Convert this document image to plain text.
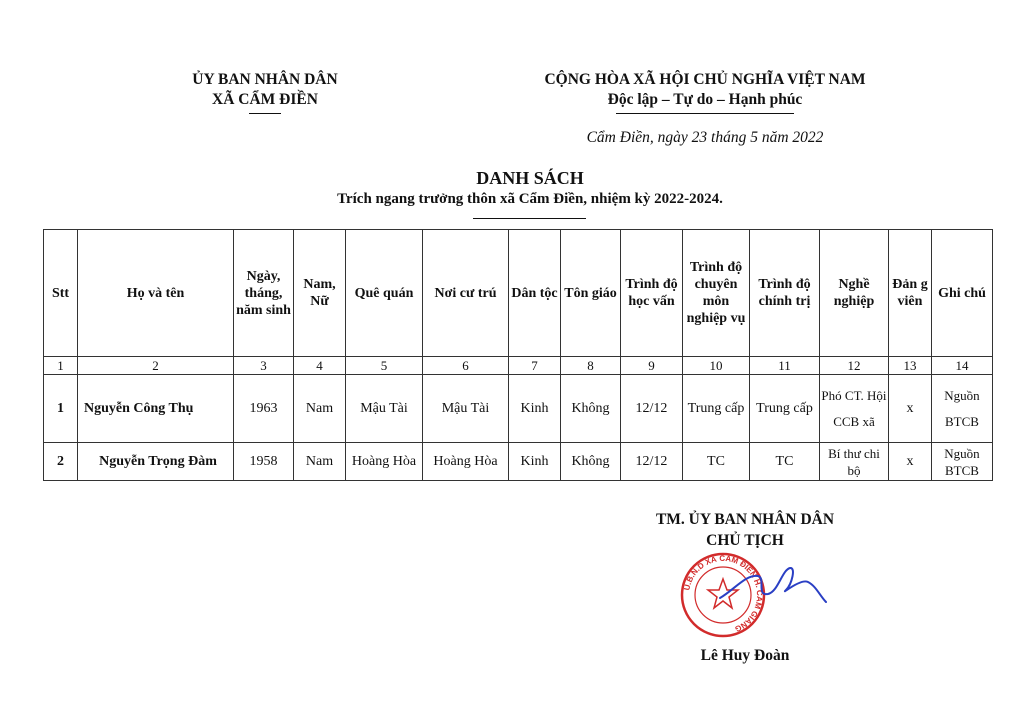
ỦY BAN NHÂN DÂN
XÃ CẨM ĐIỀN
CỘNG HÒA XÃ HỘI CHỦ NGHĨA VIỆT NAM
Độc lập – Tự do – Hạnh phúc
Cẩm Điền, ngày 23 tháng 5 năm 2022
DANH SÁCH
Trích ngang trưởng thôn xã Cẩm Điền, nhiệm kỳ 2022-2024.
Stt	Họ và tên	Ngày, tháng, năm sinh	Nam, Nữ	Quê quán	Nơi cư trú	Dân tộc	Tôn giáo	Trình độ học vấn	Trình độ chuyên môn nghiệp vụ	Trình độ chính trị	Nghề nghiệp	Đản g viên	Ghi chú
1	2	3	4	5	6	7	8	9	10	11	12	13	14
1	Nguyễn Công Thụ	1963	Nam	Mậu Tài	Mậu Tài	Kinh	Không	12/12	Trung cấp	Trung cấp	Phó CT. Hội CCB xã	x	Nguồn BTCB
2	Nguyễn Trọng Đàm	1958	Nam	Hoàng Hòa	Hoàng Hòa	Kinh	Không	12/12	TC	TC	Bí thư chi bộ	x	Nguồn BTCB
TM. ỦY BAN NHÂN DÂN
CHỦ TỊCH
U.B.N.D XÃ CẨM ĐIỀN H. CẨM GIÀNG
Lê Huy Đoàn
